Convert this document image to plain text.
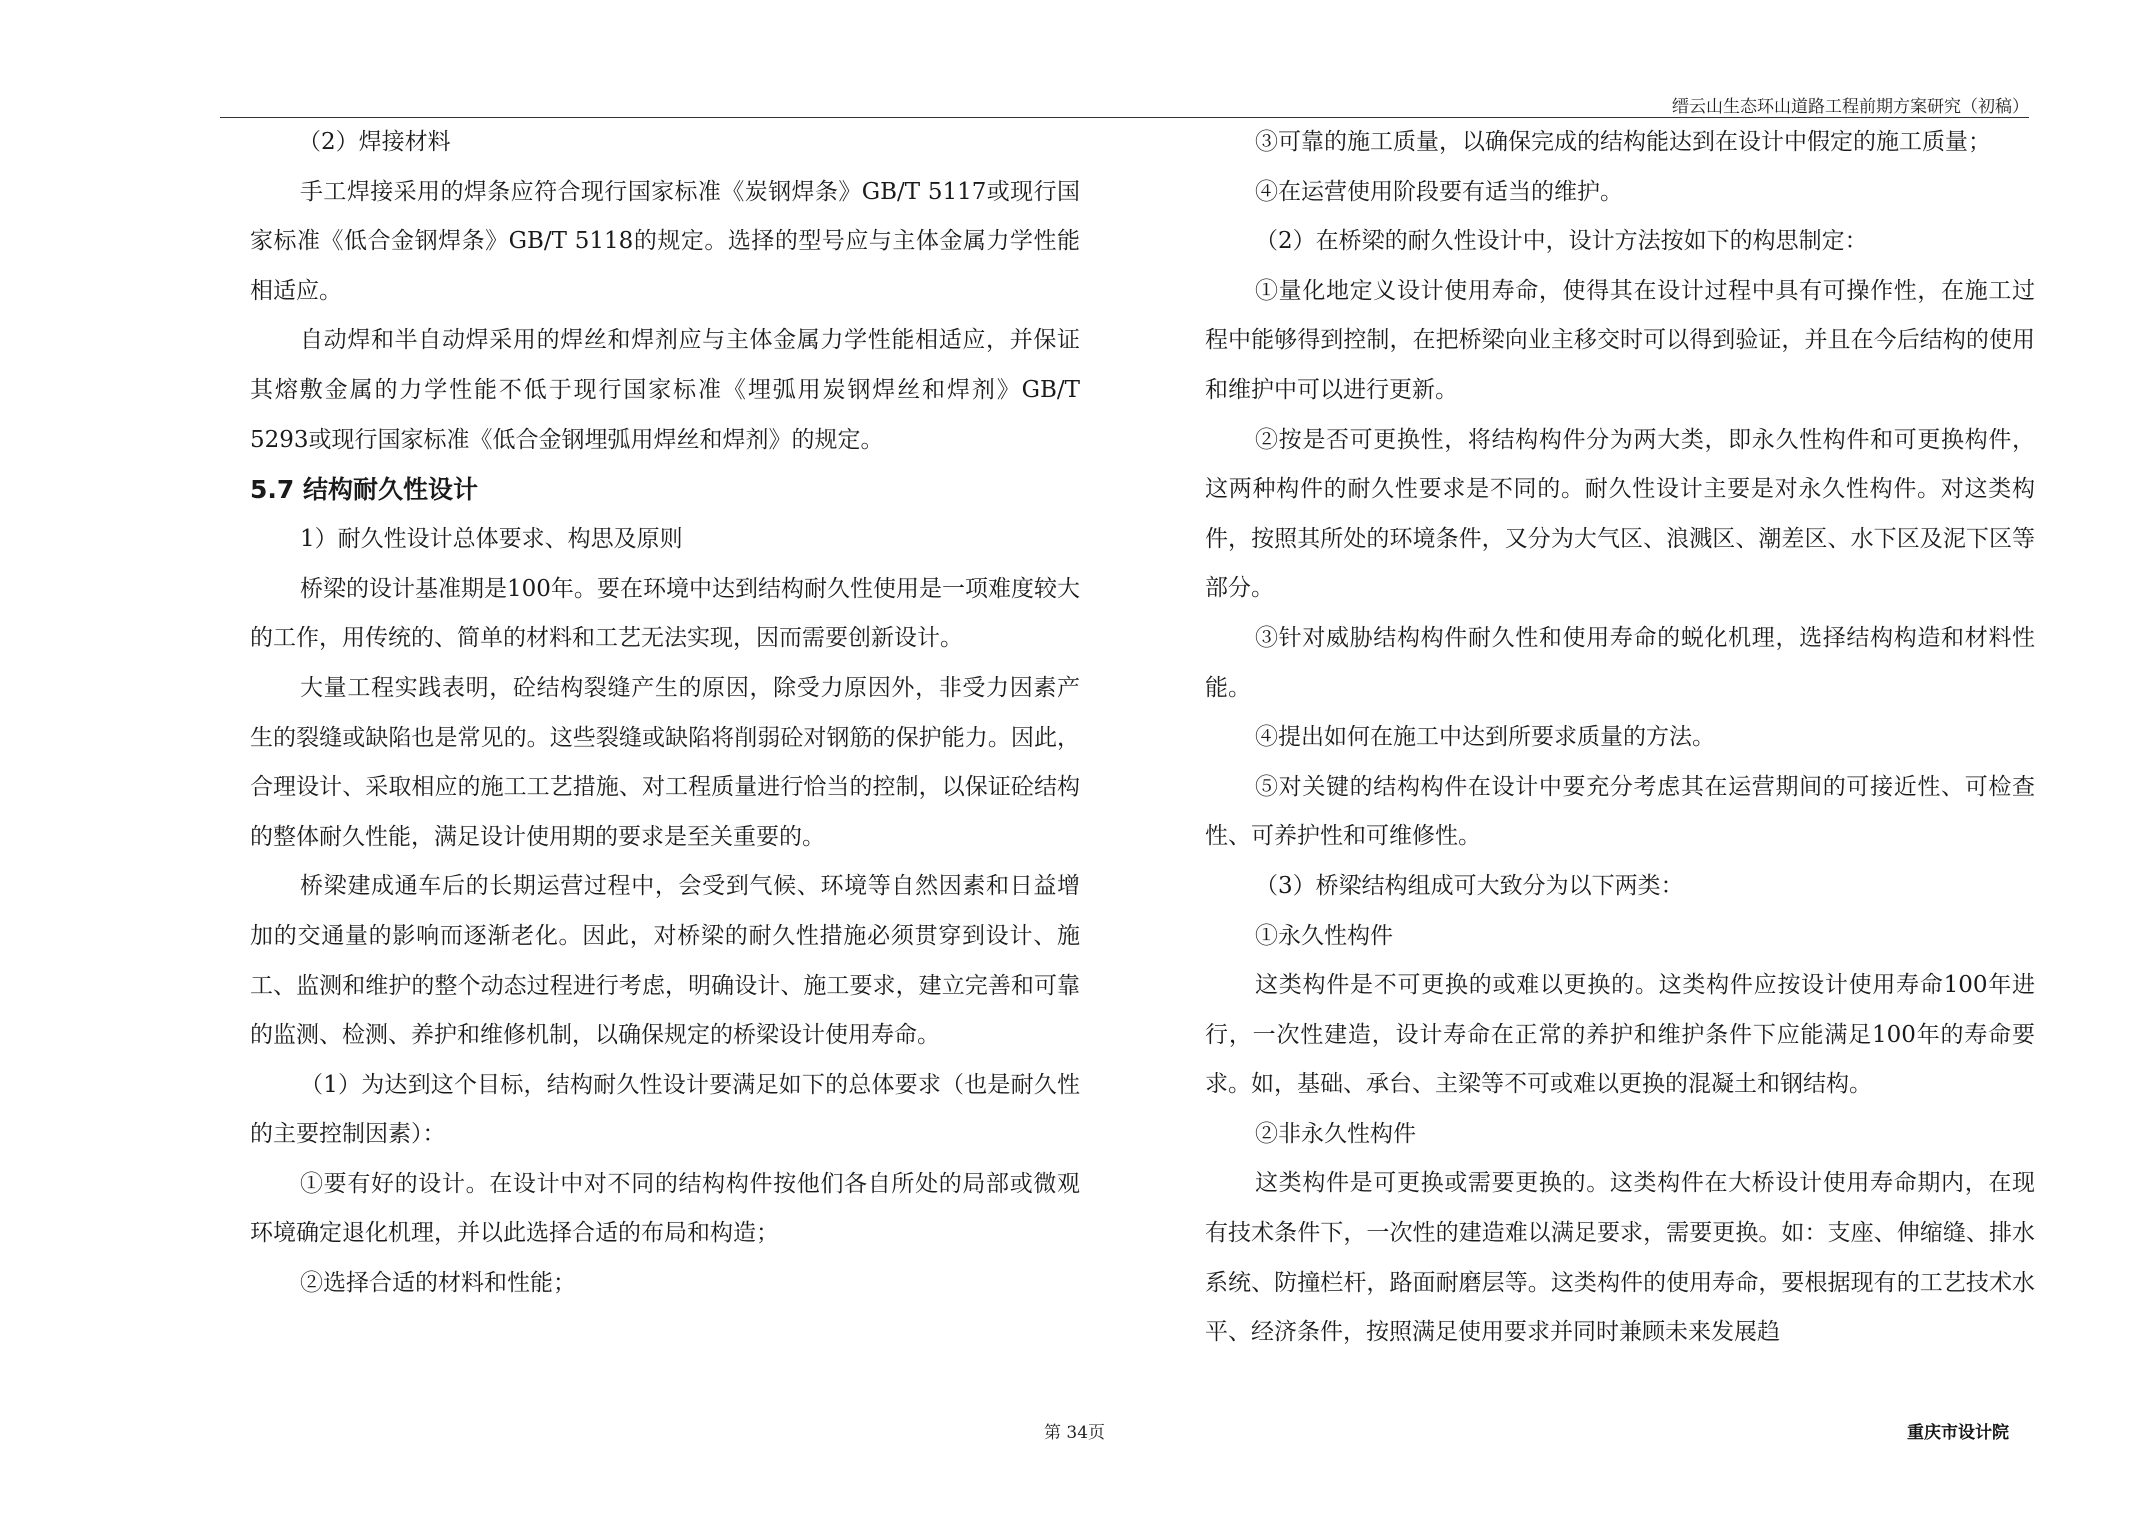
缙云山生态环山道路工程前期方案研究（初稿）

（2）焊接材料

手工焊接采用的焊条应符合现行国家标准《炭钢焊条》GB/T 5117或现行国家标准《低合金钢焊条》GB/T 5118的规定。选择的型号应与主体金属力学性能相适应。

自动焊和半自动焊采用的焊丝和焊剂应与主体金属力学性能相适应，并保证其熔敷金属的力学性能不低于现行国家标准《埋弧用炭钢焊丝和焊剂》GB/T 5293或现行国家标准《低合金钢埋弧用焊丝和焊剂》的规定。

5.7 结构耐久性设计

1）耐久性设计总体要求、构思及原则

桥梁的设计基准期是100年。要在环境中达到结构耐久性使用是一项难度较大的工作，用传统的、简单的材料和工艺无法实现，因而需要创新设计。

大量工程实践表明，砼结构裂缝产生的原因，除受力原因外，非受力因素产生的裂缝或缺陷也是常见的。这些裂缝或缺陷将削弱砼对钢筋的保护能力。因此，合理设计、采取相应的施工工艺措施、对工程质量进行恰当的控制，以保证砼结构的整体耐久性能，满足设计使用期的要求是至关重要的。

桥梁建成通车后的长期运营过程中，会受到气候、环境等自然因素和日益增加的交通量的影响而逐渐老化。因此，对桥梁的耐久性措施必须贯穿到设计、施工、监测和维护的整个动态过程进行考虑，明确设计、施工要求，建立完善和可靠的监测、检测、养护和维修机制，以确保规定的桥梁设计使用寿命。

（1）为达到这个目标，结构耐久性设计要满足如下的总体要求（也是耐久性的主要控制因素）：

①要有好的设计。在设计中对不同的结构构件按他们各自所处的局部或微观环境确定退化机理，并以此选择合适的布局和构造；

②选择合适的材料和性能；

③可靠的施工质量，以确保完成的结构能达到在设计中假定的施工质量；

④在运营使用阶段要有适当的维护。

（2）在桥梁的耐久性设计中，设计方法按如下的构思制定：

①量化地定义设计使用寿命，使得其在设计过程中具有可操作性，在施工过程中能够得到控制，在把桥梁向业主移交时可以得到验证，并且在今后结构的使用和维护中可以进行更新。

②按是否可更换性，将结构构件分为两大类，即永久性构件和可更换构件，这两种构件的耐久性要求是不同的。耐久性设计主要是对永久性构件。对这类构件，按照其所处的环境条件，又分为大气区、浪溅区、潮差区、水下区及泥下区等部分。

③针对威胁结构构件耐久性和使用寿命的蜕化机理，选择结构构造和材料性能。

④提出如何在施工中达到所要求质量的方法。

⑤对关键的结构构件在设计中要充分考虑其在运营期间的可接近性、可检查性、可养护性和可维修性。

（3）桥梁结构组成可大致分为以下两类：

①永久性构件

这类构件是不可更换的或难以更换的。这类构件应按设计使用寿命100年进行，一次性建造，设计寿命在正常的养护和维护条件下应能满足100年的寿命要求。如，基础、承台、主梁等不可或难以更换的混凝土和钢结构。

②非永久性构件

这类构件是可更换或需要更换的。这类构件在大桥设计使用寿命期内，在现有技术条件下，一次性的建造难以满足要求，需要更换。如：支座、伸缩缝、排水系统、防撞栏杆，路面耐磨层等。这类构件的使用寿命，要根据现有的工艺技术水平、经济条件，按照满足使用要求并同时兼顾未来发展趋

第 34页	重庆市设计院
